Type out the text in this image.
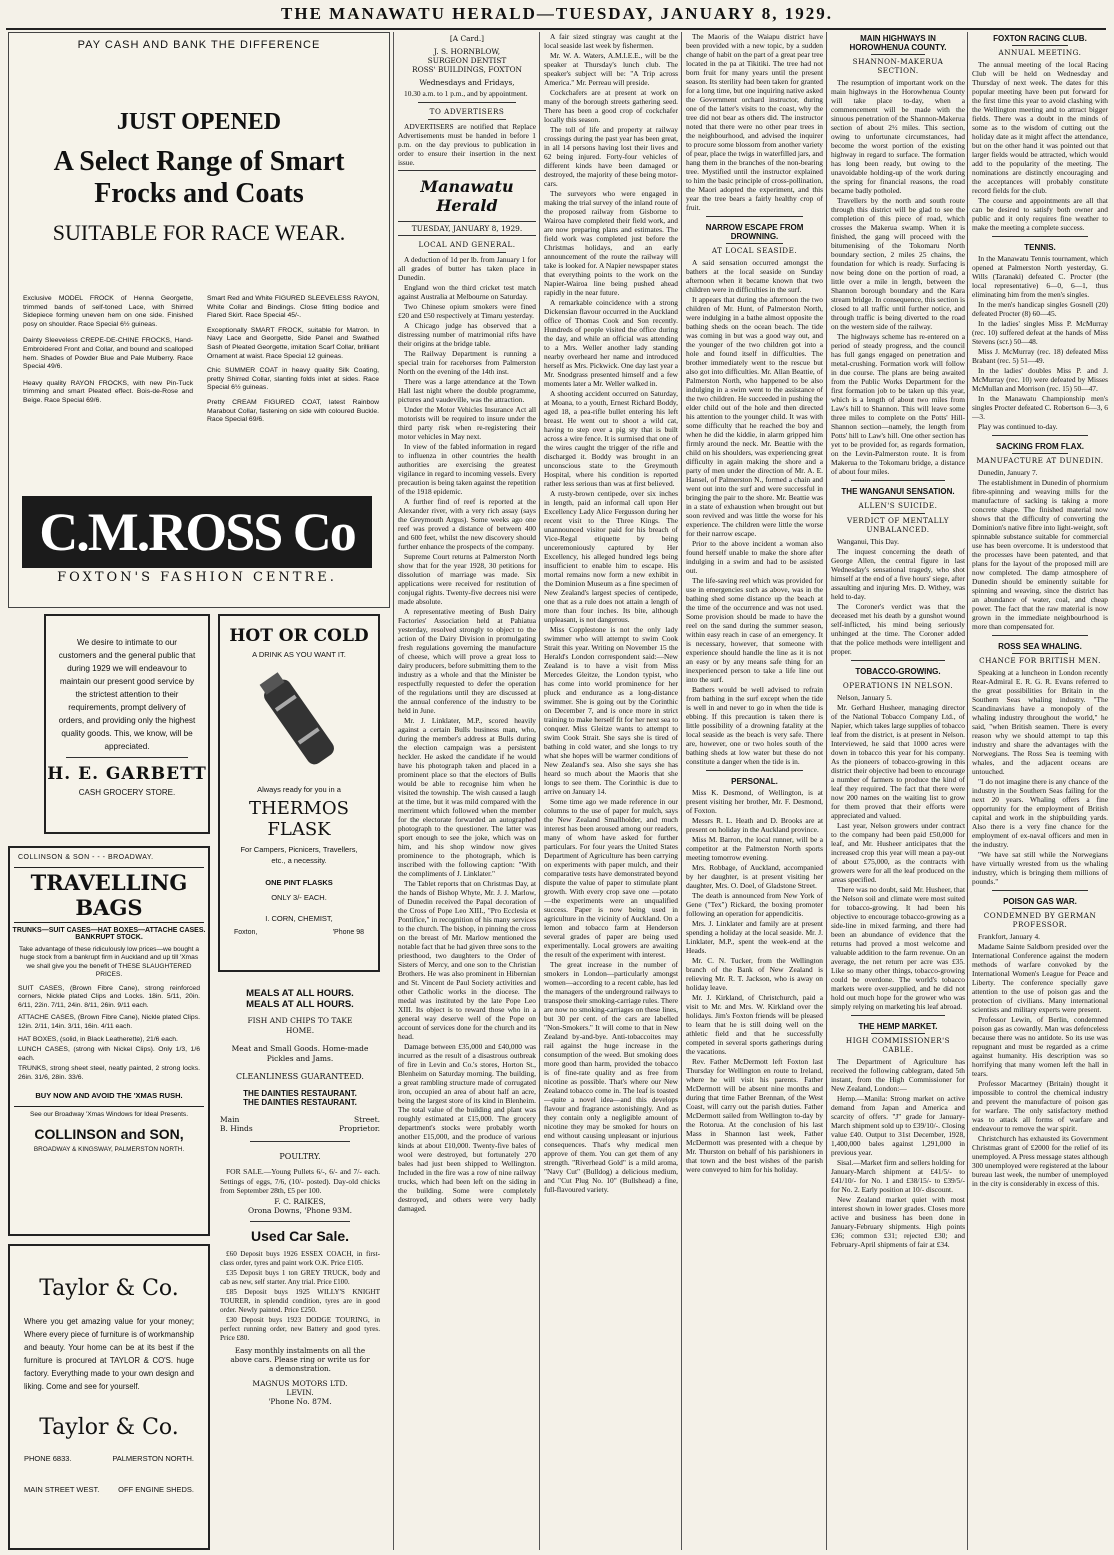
THE MANAWATU HERALD—TUESDAY, JANUARY 8, 1929.
PAY CASH AND BANK THE DIFFERENCE
JUST OPENED
A Select Range of Smart
Frocks and Coats
SUITABLE FOR RACE WEAR.
Exclusive MODEL FROCK of Henna Georgette, trimmed bands of self-toned Lace, with Shirred Sidepiece forming uneven hem on one side. Finished posy on shoulder. Race Special 6½ guineas.
Dainty Sleeveless CREPE-DE-CHINE FROCKS, Hand-Embroidered Front and Collar, and bound and scalloped hem. Shades of Powder Blue and Pale Mulberry. Race Special 49/6.
Heavy quality RAYON FROCKS, with new Pin-Tuck trimming and smart Pleated effect. Bois-de-Rose and Beige. Race Special 69/6.
Smart Red and White FIGURED SLEEVELESS RAYON, White Collar and Bindings. Close fitting bodice and Flared Skirt. Race Special 45/-.
Exceptionally SMART FROCK, suitable for Matron. In Navy Lace and Georgette, Side Panel and Swathed Sash of Pleated Georgette, imitation Scarf Collar, brilliant Ornament at waist. Race Special 12 guineas.
Chic SUMMER COAT in heavy quality Silk Coating, pretty Shirred Collar, slanting folds inlet at sides. Race Special 6½ guineas.
Pretty CREAM FIGURED COAT, latest Rainbow Marabout Collar, fastening on side with coloured Buckle. Race Special 69/6.
C.M.ROSS Co
FOXTON'S FASHION CENTRE.
We desire to intimate to our customers and the general public that during 1929 we will endeavour to maintain our present good service by the strictest attention to their requirements, prompt delivery of orders, and providing only the highest quality goods. This, we know, will be appreciated.
H. E. GARBETT
CASH GROCERY STORE.
HOT OR COLD
A DRINK AS YOU WANT IT.
Always ready for you in a
THERMOS FLASK
For Campers, Picnicers, Travellers, etc., a necessity.
ONE PINT FLASKS
ONLY 3/- EACH.
I. CORN, CHEMIST,
Foxton,	'Phone 98
COLLINSON & SON - - - BROADWAY.
TRAVELLING BAGS
TRUNKS—SUIT CASES—HAT BOXES—ATTACHE CASES.
BANKRUPT STOCK.
Take advantage of these ridiculously low prices—we bought a huge stock from a bankrupt firm in Auckland and up till 'Xmas we shall give you the benefit of THESE SLAUGHTERED PRICES.
SUIT CASES, (Brown Fibre Cane), strong reinforced corners, Nickle plated Clips and Locks. 18in. 5/11, 20in. 6/11, 22in. 7/11, 24in. 8/11, 26in. 9/11 each.
ATTACHE CASES, (Brown Fibre Cane), Nickle plated Clips. 12in. 2/11, 14in. 3/11, 16in. 4/11 each.
HAT BOXES, (solid, in Black Leatherette), 21/6 each.
LUNCH CASES, (strong with Nickel Clips). Only 1/3, 1/6 each.
TRUNKS, strong sheet steel, neatly painted, 2 strong locks. 26in. 31/6, 28in. 33/6.
BUY NOW AND AVOID THE 'XMAS RUSH.
See our Broadway 'Xmas Windows for Ideal Presents.
COLLINSON and SON,
BROADWAY & KINGSWAY, PALMERSTON NORTH.
MEALS AT ALL HOURS.
MEALS AT ALL HOURS.
FISH AND CHIPS TO TAKE HOME.
Meat and Small Goods. Home-made Pickles and Jams.
CLEANLINESS GUARANTEED.
THE DAINTIES RESTAURANT.
THE DAINTIES RESTAURANT.
Main	Street.
B. Hinds	Proprietor.
POULTRY.

FOR SALE.—Young Pullets 6/-, 6/- and 7/- each. Settings of eggs, 7/6, (10/- posted). Day-old chicks from September 28th, £5 per 100.

F. C. RAIKES,
Orona Downs, 'Phone 93M.
Used Car Sale.

£60 Deposit buys 1926 ESSEX COACH, in first-class order, tyres and paint work O.K. Price £105.

£35 Deposit buys 1 ton GREY TRUCK, body and cab as new, self starter. Any trial. Price £100.

£85 Deposit buys 1925 WILLY'S KNIGHT TOURER, in splendid condition, tyres are in good order. Newly painted. Price £250.

£30 Deposit buys 1923 DODGE TOURING, in perfect running order, new Battery and good tyres. Price £80.

Easy monthly instalments on all the above cars. Please ring or write us for a demonstration.
MAGNUS MOTORS LTD.
LEVIN.
'Phone No. 87M.
Taylor & Co.
Where you get amazing value for your money; Where every piece of furniture is of workmanship and beauty. Your home can be at its best if the furniture is procured at TAYLOR & CO'S. huge factory. Everything made to your own design and liking. Come and see for yourself.
Taylor & Co.
PHONE 6833.	PALMERSTON NORTH.
MAIN STREET WEST.	OFF ENGINE SHEDS.
[A Card.]
J. S. HORNBLOW,
SURGEON DENTIST
ROSS' BUILDINGS, FOXTON
Wednesdays and Fridays,

10.30 a.m. to 1 p.m., and by appointment.

TO ADVERTISERS

ADVERTISERS are notified that Replace Advertisements must be handed in before 1 p.m. on the day previous to publication in order to ensure their insertion in the next issue.

Manawatu Herald
TUESDAY, JANUARY 8, 1929.
LOCAL AND GENERAL.

A deduction of 1d per lb. from January 1 for all grades of butter has taken place in Dunedin.

England won the third cricket test match against Australia at Melbourne on Saturday.

Two Chinese opium smokers were fined £20 and £50 respectively at Timaru yesterday.

A Chicago judge has observed that a distressing number of matrimonial rifts have their origins at the bridge table.

The Railway Department is running a special train for racehorses from Palmerston North on the evening of the 14th inst.

There was a large attendance at the Town Hall last night where the double programme, pictures and vaudeville, was the attraction.

Under the Motor Vehicles Insurance Act all motorists will be required to insure under the third party risk when re-registering their motor vehicles in May next.

In view of the fabled information in regard to influenza in other countries the health authorities are exercising the greatest vigilance in regard to incoming vessels. Every precaution is being taken against the repetition of the 1918 epidemic.

A further find of reef is reported at the Alexander river, with a very rich assay (says the Greymouth Argus). Some weeks ago one reef was proved a distance of between 400 and 600 feet, whilst the new discovery should further enhance the prospects of the company.

Supreme Court returns at Palmerston North show that for the year 1928, 30 petitions for dissolution of marriage was made. Six applications were received for restitution of conjugal rights. Twenty-five decrees nisi were made absolute.

A representative meeting of Bush Dairy Factories' Association held at Pahiatua yesterday, resolved strongly to object to the action of the Dairy Division in promulgating fresh regulations governing the manufacture of cheese, which will prove a great loss to dairy producers, before submitting them to the industry as a whole and that the Minister be respectfully requested to defer the operation of the regulations until they are discussed at the annual conference of the industry to be held in June.

Mr. J. Linklater, M.P., scored heavily against a certain Bulls business man, who, during the member's address at Bulls during the election campaign was a persistent heckler. He asked the candidate if he would have his photograph taken and placed in a prominent place so that the electors of Bulls would be able to recognise him when he visited the township. The wish caused a laugh at the time, but it was mild compared with the merriment which followed when the member for the electorate forwarded an autographed photograph to the questioner. The latter was sport enough to see the joke, which was on him, and his shop window now gives prominence to the photograph, which is inscribed with the following caption: "With the compliments of J. Linklater."

The Tablet reports that on Christmas Day, at the hands of Bishop Whyte, Mr. J. J. Marlow, of Dunedin received the Papal decoration of the Cross of Pope Leo XIII., "Pro Ecclesia et Pontifice," in recognition of his many services to the church. The bishop, in pinning the cross on the breast of Mr. Marlow mentioned the notable fact that he had given three sons to the priesthood, two daughters to the Order of Sisters of Mercy, and one son to the Christian Brothers. He was also prominent in Hibernian and St. Vincent de Paul Society activities and other Catholic works in the diocese. The medal was instituted by the late Pope Leo XIII. Its object is to reward those who in a general way deserve well of the Pope on account of services done for the church and its head.

Damage between £35,000 and £40,000 was incurred as the result of a disastrous outbreak of fire in Levin and Co.'s stores, Horton St., Blenheim on Saturday morning. The building, a great rambling structure made of corrugated iron, occupied an area of about half an acre, being the largest store of its kind in Blenheim. The total value of the building and plant was roughly estimated at £15,000. The grocery department's stocks were probably worth another £15,000, and the produce of various kinds at about £10,000. Twenty-five bales of wool were destroyed, but fortunately 270 bales had just been shipped to Wellington. Included in the fire was a row of nine railway trucks, which had been left on the siding in the building. Some were completely destroyed, and others were very badly damaged.

A fair sized stingray was caught at the local seaside last week by fishermen.

Mr. W. A. Waters, A.M.I.E.E., will be the speaker at Thursday's lunch club. The speaker's subject will be: "A Trip across America." Mr. Perreau will preside.

Cockchafers are at present at work on many of the borough streets gathering seed. There has been a good crop of cockchafer locally this season.

The toll of life and property at railway crossings during the past year has been great, in all 14 persons having lost their lives and 62 being injured. Forty-four vehicles of different kinds have been damaged or destroyed, the majority of these being motor-cars.

The surveyors who were engaged in making the trial survey of the inland route of the proposed railway from Gisborne to Wairoa have completed their field work, and are now preparing plans and estimates. The field work was completed just before the Christmas holidays, and an early announcement of the route the railway will take is looked for. A Napier newspaper states that everything points to the work on the Napier-Wairoa line being pushed ahead rapidly in the near future.

A remarkable coincidence with a strong Dickensian flavour occurred in the Auckland office of Thomas Cook and Son recently. Hundreds of people visited the office during the day, and while an official was attending to a Mrs. Weller another lady standing nearby overheard her name and introduced herself as Mrs. Pickwick. One day last year a Mr. Snodgrass presented himself and a few moments later a Mr. Weller walked in.

A shooting accident occurred on Saturday, at Moana, to a youth, Ernest Richard Boddy, aged 18, a pea-rifle bullet entering his left breast. He went out to shoot a wild cat, having to step over a pig sty that is built across a wire fence. It is surmised that one of the wires caught the trigger of the rifle and discharged it. Boddy was brought in an unconscious state to the Greymouth Hospital, where his condition is reported rather less serious than was at first believed.

A rusty-brown centipede, over six inches in length, paid an informal call upon Her Excellency Lady Alice Fergusson during her recent visit to the Three Kings. The unannounced visitor paid for his breach of Vice-Regal etiquette by being unceremoniously captured by Her Excellency, his alleged hundred legs being insufficient to enable him to escape. His mortal remains now form a new exhibit in the Dominion Museum as a fine specimen of New Zealand's largest species of centipede, one that as a rule does not attain a length of more than four inches. Its bite, although unpleasant, is not dangerous.

Miss Copplestone is not the only lady swimmer who will attempt to swim Cook Strait this year. Writing on November 15 the Herald's London correspondent said:—New Zealand is to have a visit from Miss Mercedes Gleitze, the London typist, who has come into world prominence for her pluck and endurance as a long-distance swimmer. She is going out by the Corinthic on December 7, and is once more in strict training to make herself fit for her next sea to conquer. Miss Gleitze wants to attempt to swim Cook Strait. She says she is tired of bathing in cold water, and she longs to try what she hopes will be warmer conditions of New Zealand's sea. Also she says she has heard so much about the Maoris that she longs to see them. The Corinthic is due to arrive on January 14.

Some time ago we made reference in our columns to the use of paper for mulch, says the New Zealand Smallholder, and much interest has been aroused among our readers, many of whom have asked for further particulars. For four years the United States Department of Agriculture has been carrying on experiments with paper mulch, and their comparative tests have demonstrated beyond dispute the value of paper to stimulate plant growth. With every crop save one —potato—the experiments were an unqualified success. Paper is now being used in agriculture in the vicinity of Auckland. On a lemon and tobacco farm at Henderson several grades of paper are being used experimentally. Local growers are awaiting the result of the experiment with interest.

The great increase in the number of smokers in London—particularly amongst women—according to a recent cable, has led the managers of the underground railways to transpose their smoking-carriage rules. There are now no smoking-carriages on these lines, but 30 per cent. of the cars are labelled "Non-Smokers." It will come to that in New Zealand by-and-bye. Anti-tobaccoites may rail against the huge increase in the consumption of the weed. But smoking does more good than harm, provided the tobacco is of fine-rate quality and as free from nicotine as possible. That's where our New Zealand tobacco come in. The leaf is toasted—quite a novel idea—and this develops flavour and fragrance astonishingly. And as they contain only a negligible amount of nicotine they may be smoked for hours on end without causing unpleasant or injurious consequences. That's why medical men approve of them. You can get them of any strength. "Riverhead Gold" is a mild aroma, "Navy Cut" (Bulldog) a delicious medium, and "Cut Plug No. 10" (Bullshead) a fine, full-flavoured variety.

The Maoris of the Waiapu district have been provided with a new topic, by a sudden change of habit on the part of a great pear tree located in the pa at Tikitiki. The tree had not born fruit for many years until the present season. Its sterility had been taken for granted for a long time, but one inquiring native asked the Government orchard instructor, during one of the latter's visits to the coast, why the tree did not bear as others did. The instructor noted that there were no other pear trees in the neighbourhood, and advised the inquirer to procure some blossom from another variety of pear, place the twigs in waterfilled jars, and hang them in the branches of the non-bearing tree. Mystified until the instructor explained to him the basic principle of cross-pollination, the Maori adopted the experiment, and this year the tree bears a fairly healthy crop of fruit.

NARROW ESCAPE FROM DROWNING.
AT LOCAL SEASIDE.

A said sensation occurred amongst the bathers at the local seaside on Sunday afternoon when it became known that two children were in difficulties in the surf.

It appears that during the afternoon the two children of Mr. Hunt, of Palmerston North, were indulging in a bathe almost opposite the bathing sheds on the ocean beach. The tide was coming in but was a good way out, and the younger of the two children got into a hole and found itself in difficulties. The brother immediately went to the rescue but also got into difficulties. Mr. Allan Beattie, of Palmerston North, who happened to be also indulging in a swim went to the assistance of the two children. He succeeded in pushing the elder child out of the hole and then directed his attention to the younger child. It was with some difficulty that he reached the boy and when he did the kiddie, in alarm gripped him firmly around the neck. Mr. Beattie with the child on his shoulders, was experiencing great difficulty in again making the shore and a party of men under the direction of Mr. A. E. Hansel, of Palmerston N., formed a chain and went out into the surf and were successful in bringing the pair to the shore. Mr. Beattie was in a state of exhaustion when brought out but soon revived and was little the worse for his experience. The children were little the worse for their narrow escape.

Prior to the above incident a woman also found herself unable to make the shore after indulging in a swim and had to be assisted out.

The life-saving reel which was provided for use in emergencies such as above, was in the bathing shed some distance up the beach at the time of the occurrence and was not used. Some provision should be made to have the reel on the sand during the summer season, within easy reach in case of an emergency. It is necessary, however, that someone with experience should handle the line as it is not an easy or by any means safe thing for an inexperienced person to take a life line out into the surf.

Bathers would be well advised to refrain from bathing in the surf except when the tide is well in and never to go in when the tide is ebbing. If this precaution is taken there is little possibility of a drowning fatality at the local seaside as the beach is very safe. There are, however, one or two holes south of the bathing sheds at low water but these do not constitute a danger when the tide is in.

PERSONAL.

Miss K. Desmond, of Wellington, is at present visiting her brother, Mr. F. Desmond, of Foxton.

Messrs R. L. Heath and D. Brooks are at present on holiday in the Auckland province.

Miss M. Barron, the local runner, will be a competitor at the Palmerston North sports meeting tomorrow evening.

Mrs. Robbage, of Auckland, accompanied by her daughter, is at present visiting her daughter, Mrs. O. Doel, of Gladstone Street.

The death is announced from New York of Gene ("Tex") Rickard, the boxing promoter following an operation for appendicitis.

Mrs. J. Linklater and family are at present spending a holiday at the local seaside. Mr. J. Linklater, M.P., spent the week-end at the Heads.

Mr. C. N. Tucker, from the Wellington branch of the Bank of New Zealand is relieving Mr. R. T. Jackson, who is away on holiday leave.

Mr. J. Kirkland, of Christchurch, paid a visit to Mr. and Mrs. W. Kirkland over the holidays. Jim's Foxton friends will be pleased to learn that he is still doing well on the athletic field and that he successfully competed in several sports gatherings during the vacations.

Rev. Father McDermott left Foxton last Thursday for Wellington en route to Ireland, where he will visit his parents. Father McDermott will be absent nine months and during that time Father Brennan, of the West Coast, will carry out the parish duties. Father McDermott sailed from Wellington to-day by the Rotorua. At the conclusion of his last Mass in Shannon last week, Father McDermott was presented with a cheque by Mr. Thurston on behalf of his parishioners in that town and the best wishes of the parish were conveyed to him for his holiday.

MAIN HIGHWAYS IN HOROWHENUA COUNTY.
SHANNON-MAKERUA SECTION.

The resumption of important work on the main highways in the Horowhenua County will take place to-day, when a commencement will be made with the sinuous penetration of the Shannon-Makerua section of about 2½ miles. This section, owing to unfortunate circumstances, had become the worst portion of the existing highway in regard to surface. The formation has long been ready, but owing to the unavoidable holding-up of the work during the spring for financial reasons, the road became badly potholed.

Travellers by the north and south route through this district will be glad to see the completion of this piece of road, which crosses the Makerua swamp. When it is finished, the gang will proceed with the bitumenising of the Tokomaru North boundary section, 2 miles 25 chains, the foundation for which is ready. Surfacing is now being done on the portion of road, a little over a mile in length, between the Shannon borough boundary and the Kara stream bridge. In consequence, this section is closed to all traffic until further notice, and through traffic is being diverted to the road on the western side of the railway.

The highways scheme has re-entered on a period of steady progress, and the council has full gangs engaged on penetration and metal-crushing. Formation work will follow in due course. The plans are being awaited from the Public Works Department for the first formation job to be taken up this year, which is a length of about two miles from Law's hill to Shannon. This will leave some three miles to complete on the Potts' Hill-Shannon section—namely, the length from Potts' hill to Law's hill. One other section has yet to be provided for, as regards formation, on the Levin-Palmerston route. It is from Makerua to the Tokomaru bridge, a distance of about four miles.

THE WANGANUI SENSATION.
ALLEN'S SUICIDE.
VERDICT OF MENTALLY UNBALANCED.

Wanganui, This Day.

The inquest concerning the death of George Allen, the central figure in last Wednesday's sensational tragedy, who shot himself at the end of a five hours' siege, after assaulting and injuring Mrs. D. Withey, was held to-day.

The Coroner's verdict was that the deceased met his death by a gunshot wound self-inflicted, his mind being seriously unhinged at the time. The Coroner added that the police methods were intelligent and proper.

TOBACCO-GROWING.
OPERATIONS IN NELSON.

Nelson, January 5.

Mr. Gerhard Husheer, managing director of the National Tobacco Company Ltd., of Napier, which takes large supplies of tobacco leaf from the district, is at present in Nelson. Interviewed, he said that 1000 acres were down in tobacco this year for his company. As the pioneers of tobacco-growing in this district their objective had been to encourage a number of farmers to produce the kind of leaf they required. The fact that there were now 200 names on the waiting list to grow for them proved that their efforts were appreciated and valued.

Last year, Nelson growers under contract to the company had been paid £50,000 for leaf, and Mr. Husheer anticipates that the increased crop this year will mean a pay-out of about £75,000, as the contracts with growers were for all the leaf produced on the areas specified.

There was no doubt, said Mr. Husheer, that the Nelson soil and climate were most suited for tobacco-growing. It had been his objective to encourage tobacco-growing as a side-line in mixed farming, and there had been an abundance of evidence that the returns had proved a most welcome and valuable addition to the farm revenue. On an average, the net return per acre was £35. Like so many other things, tobacco-growing could be overdone. The world's tobacco markets were over-supplied, and he did not hold out much hope for the grower who was simply relying on marketing his leaf abroad.

THE HEMP MARKET.
HIGH COMMISSIONER'S CABLE.

The Department of Agriculture has received the following cablegram, dated 5th instant, from the High Commissioner for New Zealand, London:—

Hemp.—Manila: Strong market on active demand from Japan and America and scarcity of offers. "J" grade for January-March shipment sold up to £39/10/-. Closing value £40. Output to 31st December, 1928, 1,400,000 bales against 1,291,000 in previous year.

Sisal.—Market firm and sellers holding for January-March shipment at £41/5/- to £41/10/- for No. 1 and £38/15/- to £39/5/- for No. 2. Early position at 10/- discount.

New Zealand market quiet with most interest shown in lower grades. Closes more active and business has been done in January-February shipments. High points £36; common £31; rejected £30; and February-April shipments of fair at £34.

FOXTON RACING CLUB.
ANNUAL MEETING.

The annual meeting of the local Racing Club will be held on Wednesday and Thursday of next week. The dates for this popular meeting have been put forward for the first time this year to avoid clashing with the Wellington meeting and to attract bigger fields. There was a doubt in the minds of some as to the wisdom of cutting out the holiday date as it might affect the attendance, but on the other hand it was pointed out that larger fields would be attracted, which would add to the popularity of the meeting. The nominations are distinctly encouraging and the acceptances will probably constitute record fields for the club.

The course and appointments are all that can be desired to satisfy both owner and public and it only requires fine weather to make the meeting a complete success.

TENNIS.

In the Manawatu Tennis tournament, which opened at Palmerston North yesterday, G. Wills (Taranaki) defeated C. Procter (the local representative) 6—0, 6—1, thus eliminating him from the men's singles.

In the men's handicap singles Gosnell (20) defeated Procter (8) 60—45.

In the ladies' singles Miss P. McMurray (rec. 10) suffered defeat at the hands of Miss Stevens (scr.) 50—48.

Miss J. McMurray (rec. 18) defeated Miss Brabant (rec. 5) 51—49.

In the ladies' doubles Miss P. and J. McMurray (rec. 10) were defeated by Misses McMullan and Morrison (rec. 15) 50—47.

In the Manawatu Championship men's singles Procter defeated C. Robertson 6—3, 6—3.

Play was continued to-day.

SACKING FROM FLAX.
MANUFACTURE AT DUNEDIN.

Dunedin, January 7.

The establishment in Dunedin of phormium fibre-spinning and weaving mills for the manufacture of sacking is taking a more concrete shape. The finished material now shows that the difficulty of converting the Dominion's native fibre into light-weight, soft spinnable substance suitable for commercial use has been overcome. It is understood that the processes have been patented, and that plans for the layout of the proposed mill are now completed. The damp atmosphere of Dunedin should be eminently suitable for spinning and weaving, since the district has an abundance of water, coal, and cheap power. The fact that the raw material is now grown in the immediate neighbourhood is more than compensated for.

ROSS SEA WHALING.
CHANCE FOR BRITISH MEN.

Speaking at a luncheon in London recently Rear-Admiral E. R. G. R. Evans referred to the great possibilities for Britain in the Southern Seas whaling industry. "The Scandinavians have a monopoly of the whaling industry throughout the world," he said, "when British seamen. There is every reason why we should attempt to tap this industry and share the advantages with the Norwegians. The Ross Sea is teeming with whales, and the adjacent oceans are untouched.

"I do not imagine there is any chance of the industry in the Southern Seas failing for the next 20 years. Whaling offers a fine opportunity for the employment of British capital and work in the shipbuilding yards. Also there is a very fine chance for the employment of ex-naval officers and men in the industry.

"We have sat still while the Norwegians have virtually wrested from us the whaling industry, which is bringing them millions of pounds."

POISON GAS WAR.
CONDEMNED BY GERMAN PROFESSOR.

Frankfort, January 4.

Madame Sainte Saldborn presided over the International Conference against the modern methods of warfare convoked by the International Women's League for Peace and Liberty. The conference specially gave attention to the use of poison gas and the protection of civilians. Many international scientists and military experts were present.

Professor Lewin, of Berlin, condemned poison gas as cowardly. Man was defenceless because there was no antidote. So its use was repugnant and must be regarded as a crime against humanity. His description was so horrifying that many women left the hall in tears.

Professor Macartney (Britain) thought it impossible to control the chemical industry and prevent the manufacture of poison gas for warfare. The only satisfactory method was to attack all forms of warfare and endeavour to remove the war spirit.

Christchurch has exhausted its Government Christmas grant of £2000 for the relief of its unemployed. A Press message states although 300 unemployed were registered at the labour bureau last week, the number of unemployed in the city is considerably in excess of this.
